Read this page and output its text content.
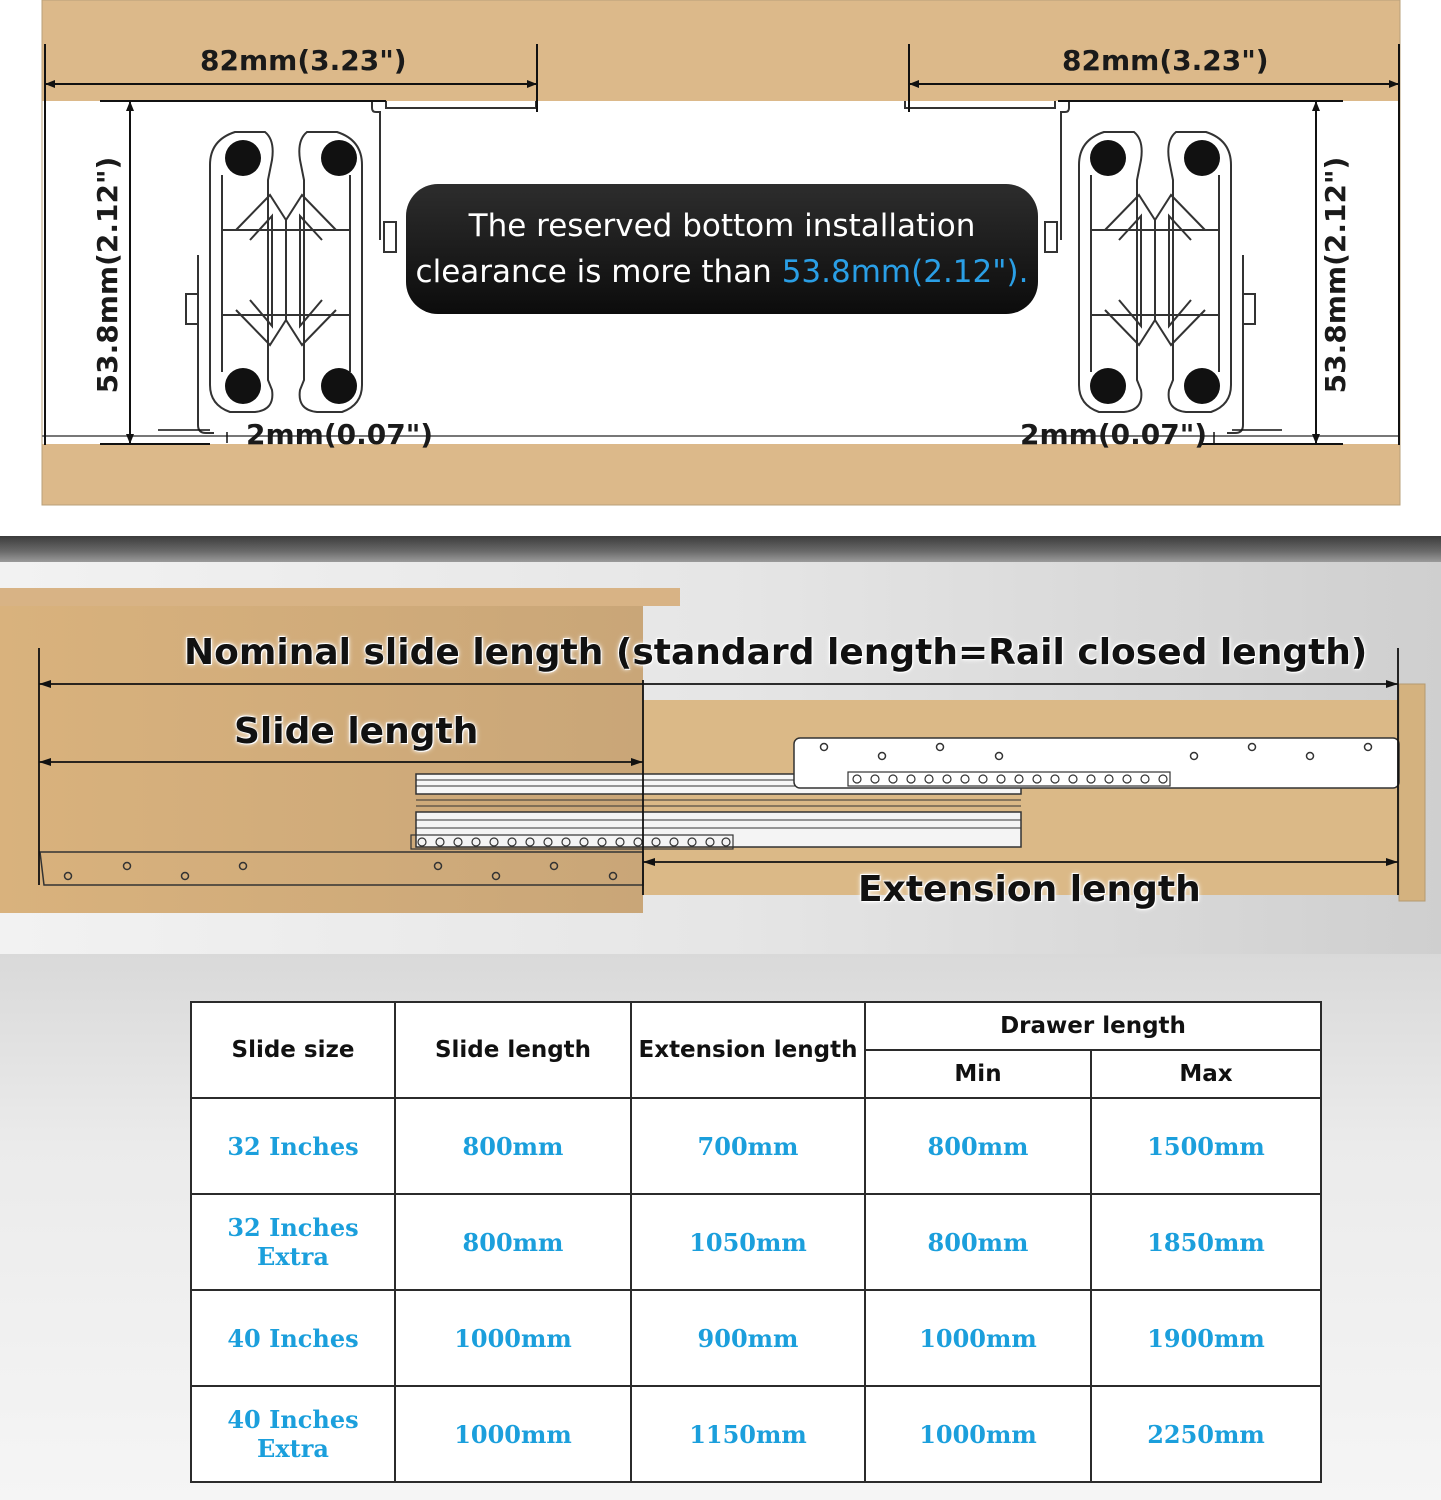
82mm(3.23")	82mm(3.23")
53.8mm(2.12")	53.8mm(2.12")
2mm(0.07")	2mm(0.07")
The reserved bottom installation
clearance is more than 53.8mm(2.12").
Nominal slide length (standard length=Rail closed length)
Slide length
Extension length
Slide size	Slide length	Extension length	Drawer length	
			Min	Max
32 Inches	800mm	700mm	800mm	1500mm
32 Inches Extra	800mm	1050mm	800mm	1850mm
40 Inches	1000mm	900mm	1000mm	1900mm
40 Inches Extra	1000mm	1150mm	1000mm	2250mm
